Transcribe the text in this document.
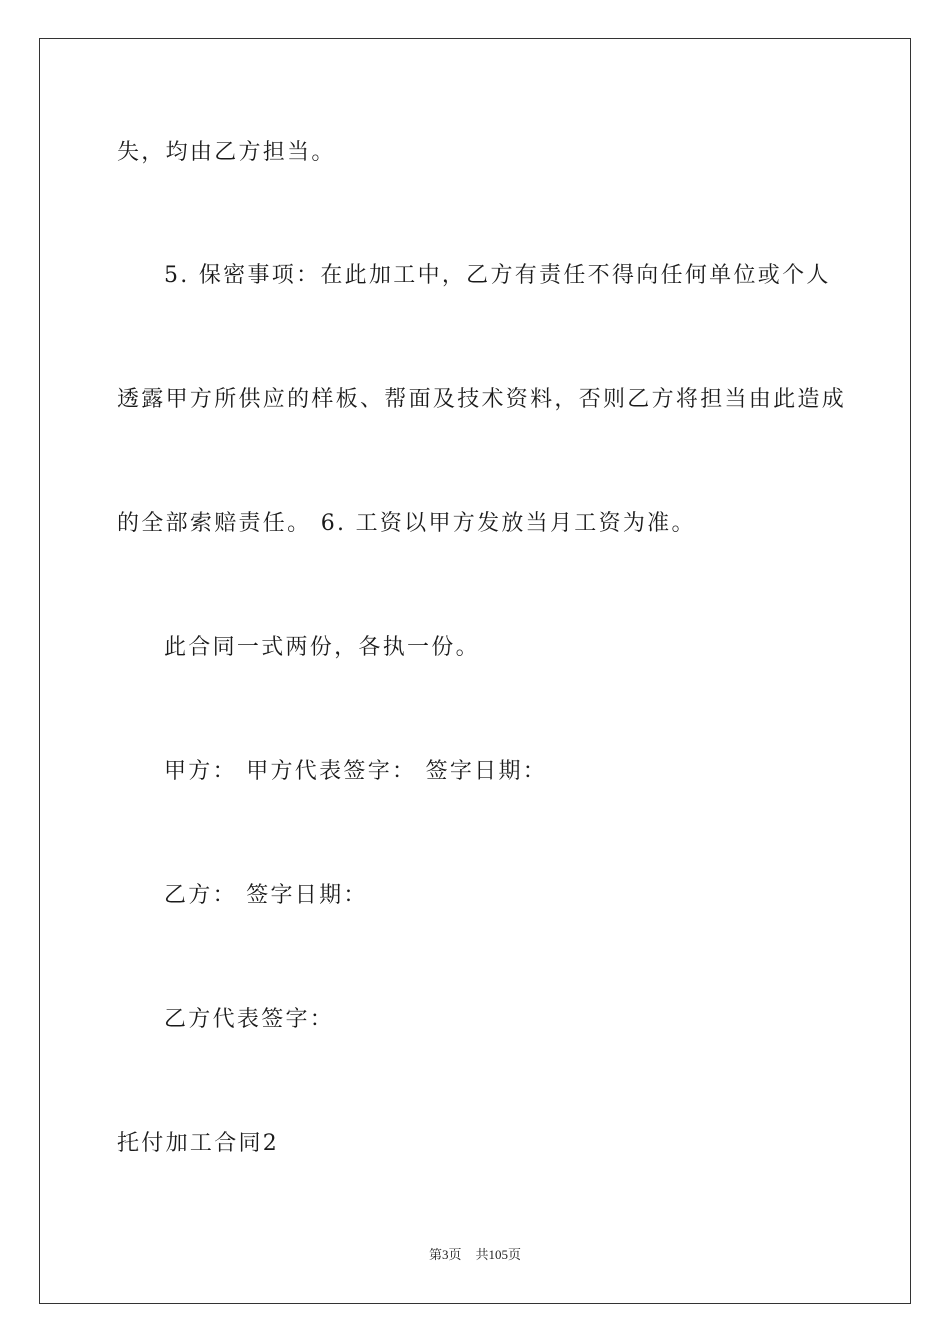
失，均由乙方担当。
5. 保密事项：在此加工中，乙方有责任不得向任何单位或个人
透露甲方所供应的样板、帮面及技术资料，否则乙方将担当由此造成
的全部索赔责任。 6. 工资以甲方发放当月工资为准。
此合同一式两份，各执一份。
甲方： 甲方代表签字： 签字日期：
乙方： 签字日期：
乙方代表签字：
托付加工合同2
第3页 共105页
